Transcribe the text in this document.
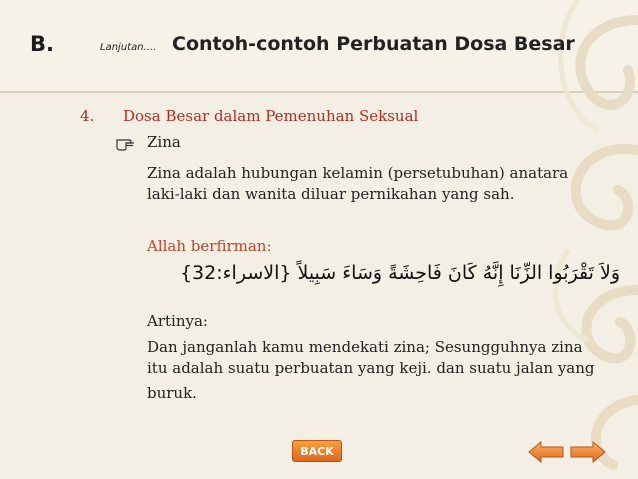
B.	Lanjutan.... Contoh-contoh Perbuatan Dosa Besar
4. Dosa Besar dalam Pemenuhan Seksual
Zina
Zina adalah hubungan kelamin (persetubuhan) anatara
laki-laki dan wanita diluar pernikahan yang sah.
Allah berfirman:
وَلاَ تَقْرَبُوا الزِّنَا إِنَّهُ كَانَ فَاحِشَةً وَسَاءَ سَبِيلاً {الاسراء:32}
Artinya:
Dan janganlah kamu mendekati zina; Sesungguhnya zina
itu adalah suatu perbuatan yang keji. dan suatu jalan yang
buruk.
BACK
